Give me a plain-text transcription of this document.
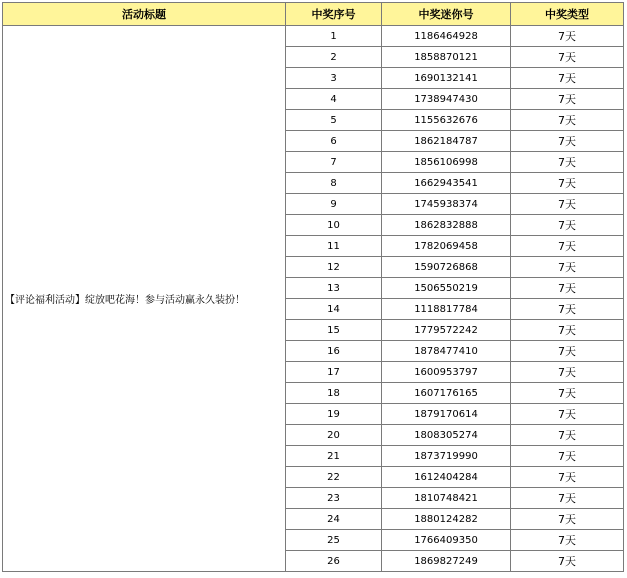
活动标题	中奖序号	中奖迷你号	中奖类型
【评论福利活动】绽放吧花海！参与活动赢永久装扮！	1	1186464928	7天
	2	1858870121	7天
	3	1690132141	7天
	4	1738947430	7天
	5	1155632676	7天
	6	1862184787	7天
	7	1856106998	7天
	8	1662943541	7天
	9	1745938374	7天
	10	1862832888	7天
	11	1782069458	7天
	12	1590726868	7天
	13	1506550219	7天
	14	1118817784	7天
	15	1779572242	7天
	16	1878477410	7天
	17	1600953797	7天
	18	1607176165	7天
	19	1879170614	7天
	20	1808305274	7天
	21	1873719990	7天
	22	1612404284	7天
	23	1810748421	7天
	24	1880124282	7天
	25	1766409350	7天
	26	1869827249	7天
